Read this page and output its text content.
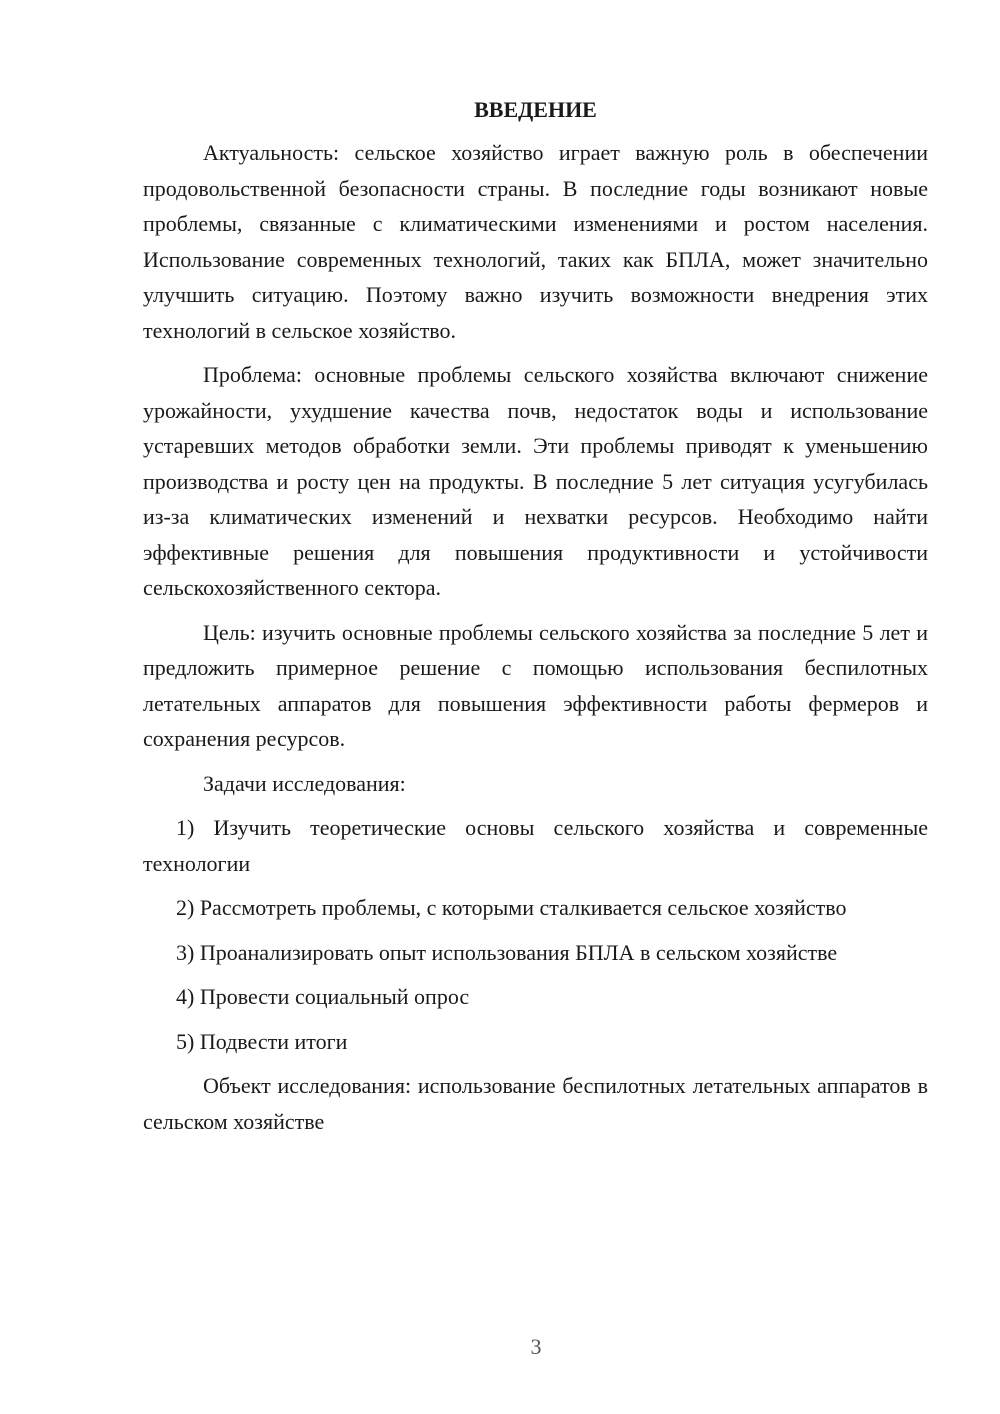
ВВЕДЕНИЕ

Актуальность: сельское хозяйство играет важную роль в обеспечении продовольственной безопасности страны. В последние годы возникают новые проблемы, связанные с климатическими изменениями и ростом населения. Использование современных технологий, таких как БПЛА, может значительно улучшить ситуацию. Поэтому важно изучить возможности внедрения этих технологий в сельское хозяйство.

Проблема: основные проблемы сельского хозяйства включают снижение урожайности, ухудшение качества почв, недостаток воды и использование устаревших методов обработки земли. Эти проблемы приводят к уменьшению производства и росту цен на продукты. В последние 5 лет ситуация усугубилась из-за климатических изменений и нехватки ресурсов. Необходимо найти эффективные решения для повышения продуктивности и устойчивости сельскохозяйственного сектора.

Цель: изучить основные проблемы сельского хозяйства за последние 5 лет и предложить примерное решение с помощью использования беспилотных летательных аппаратов для повышения эффективности работы фермеров и сохранения ресурсов.

Задачи исследования:

1) Изучить теоретические основы сельского хозяйства и современные технологии

2) Рассмотреть проблемы, с которыми сталкивается сельское хозяйство

3) Проанализировать опыт использования БПЛА в сельском хозяйстве

4) Провести социальный опрос

5) Подвести итоги

Объект исследования: использование беспилотных летательных аппаратов в сельском хозяйстве

3
